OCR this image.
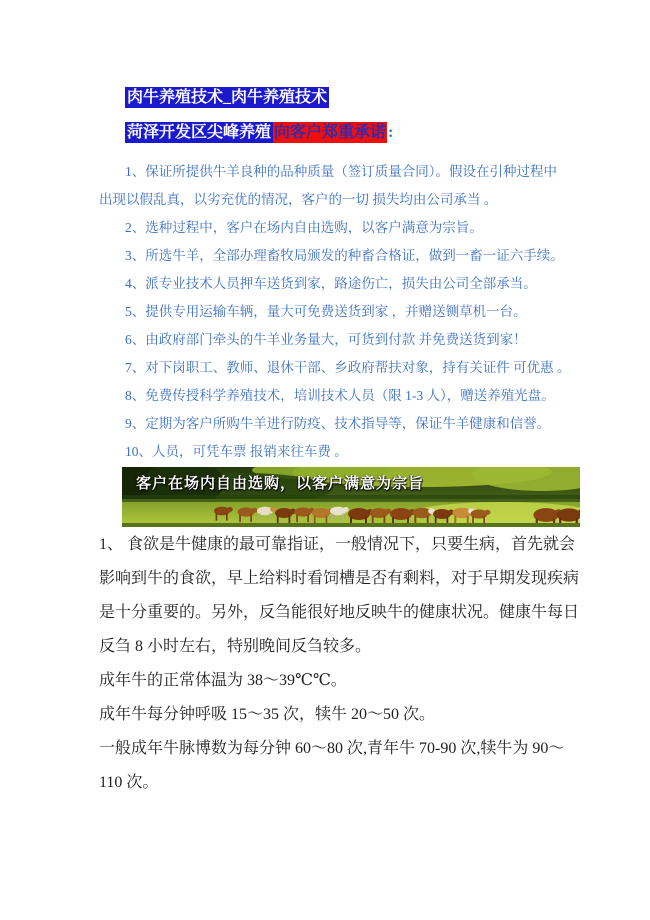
肉牛养殖技术_肉牛养殖技术
菏泽开发区尖峰养殖 向客户郑重承诺 :
1、保证所提供牛羊良种的品种质量（签订质量合同）。假设在引种过程中
出现以假乱真，以劣充优的情况，客户的一切 损失均由公司承当 。
2、选种过程中，客户在场内自由选购，以客户满意为宗旨。
3、所选牛羊，全部办理畜牧局颁发的种畜合格证，做到一畜一证六手续。
4、派专业技术人员押车送货到家，路途伤亡，损失由公司全部承当。
5、提供专用运输车辆，量大可免费送货到家 ，并赠送铡草机一台。
6、由政府部门牵头的牛羊业务量大，可货到付款 并免费送货到家！
7、对下岗职工、教师、退休干部、乡政府帮扶对象，持有关证件 可优惠 。
8、免费传授科学养殖技术，培训技术人员（限 1-3 人），赠送养殖光盘。
9、定期为客户所购牛羊进行防疫、技术指导等，保证牛羊健康和信誉。
10、人员，可凭车票 报销来往车费 。
客户在场内自由选购，以客户满意为宗旨
1、 食欲是牛健康的最可靠指证，一般情况下，只要生病，首先就会
影响到牛的食欲，早上给料时看饲槽是否有剩料，对于早期发现疾病
是十分重要的。另外，反刍能很好地反映牛的健康状况。健康牛每日
反刍 8 小时左右，特别晚间反刍较多。
成年牛的正常体温为 38～39℃℃。
成年牛每分钟呼吸 15～35 次，犊牛 20～50 次。
一般成年牛脉博数为每分钟 60～80 次,青年牛 70-90 次,犊牛为 90～
110 次。
